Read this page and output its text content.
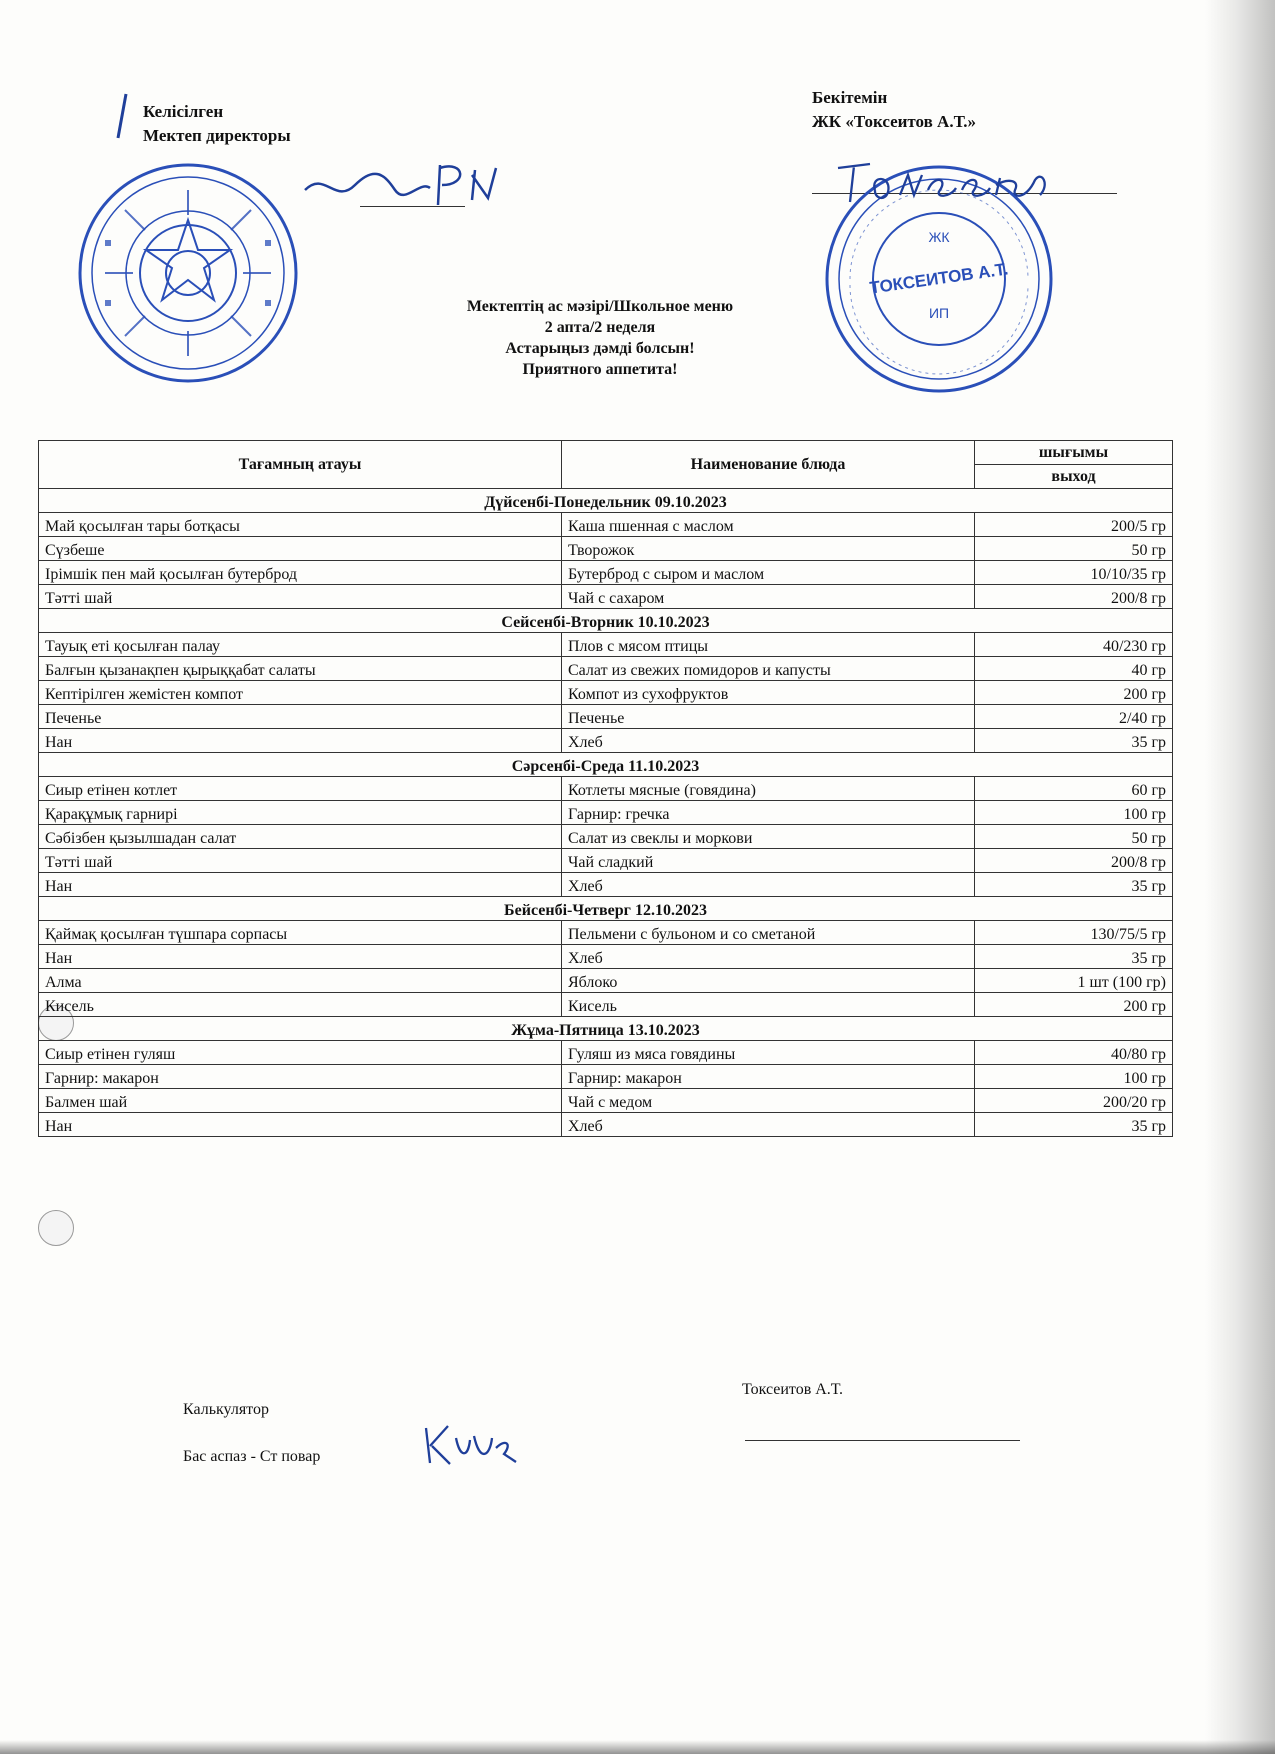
Келісілген
Мектеп директоры
Бекітемін
ЖК «Токсеитов А.Т.»
ЖК
ТОКСЕИТОВ А.Т.
ИП
Мектептің ас мәзірі/Школьное меню
2 апта/2 неделя
Астарыңыз дәмді болсын!
Приятного аппетита!
Тағамның атауы	Наименование блюда	шығымы
		выход
Дүйсенбі-Понедельник 09.10.2023		
Май қосылған тары ботқасы	Каша пшенная с маслом	200/5 гр
Сүзбеше	Творожок	50 гр
Ірімшік пен май қосылған бутерброд	Бутерброд с сыром и маслом	10/10/35 гр
Тәтті шай	Чай с сахаром	200/8 гр
Сейсенбі-Вторник 10.10.2023		
Тауық еті қосылған палау	Плов с мясом птицы	40/230 гр
Балғын қызанақпен қырыққабат салаты	Салат из свежих помидоров и капусты	40 гр
Кептірілген жемістен компот	Компот из сухофруктов	200 гр
Печенье	Печенье	2/40 гр
Нан	Хлеб	35 гр
Сәрсенбі-Среда 11.10.2023		
Сиыр етінен котлет	Котлеты мясные (говядина)	60 гр
Қарақұмық гарнирі	Гарнир: гречка	100 гр
Сәбізбен қызылшадан салат	Салат из свеклы и моркови	50 гр
Тәтті шай	Чай сладкий	200/8 гр
Нан	Хлеб	35 гр
Бейсенбі-Четверг 12.10.2023		
Қаймақ қосылған түшпара сорпасы	Пельмени с бульоном и со сметаной	130/75/5 гр
Нан	Хлеб	35 гр
Алма	Яблоко	1 шт (100 гр)
Кисель	Кисель	200 гр
Жұма-Пятница 13.10.2023		
Сиыр етінен гуляш	Гуляш из мяса говядины	40/80 гр
Гарнир: макарон	Гарнир: макарон	100 гр
Балмен шай	Чай с медом	200/20 гр
Нан	Хлеб	35 гр
Калькулятор
Бас аспаз - Ст повар
Токсеитов А.Т.
